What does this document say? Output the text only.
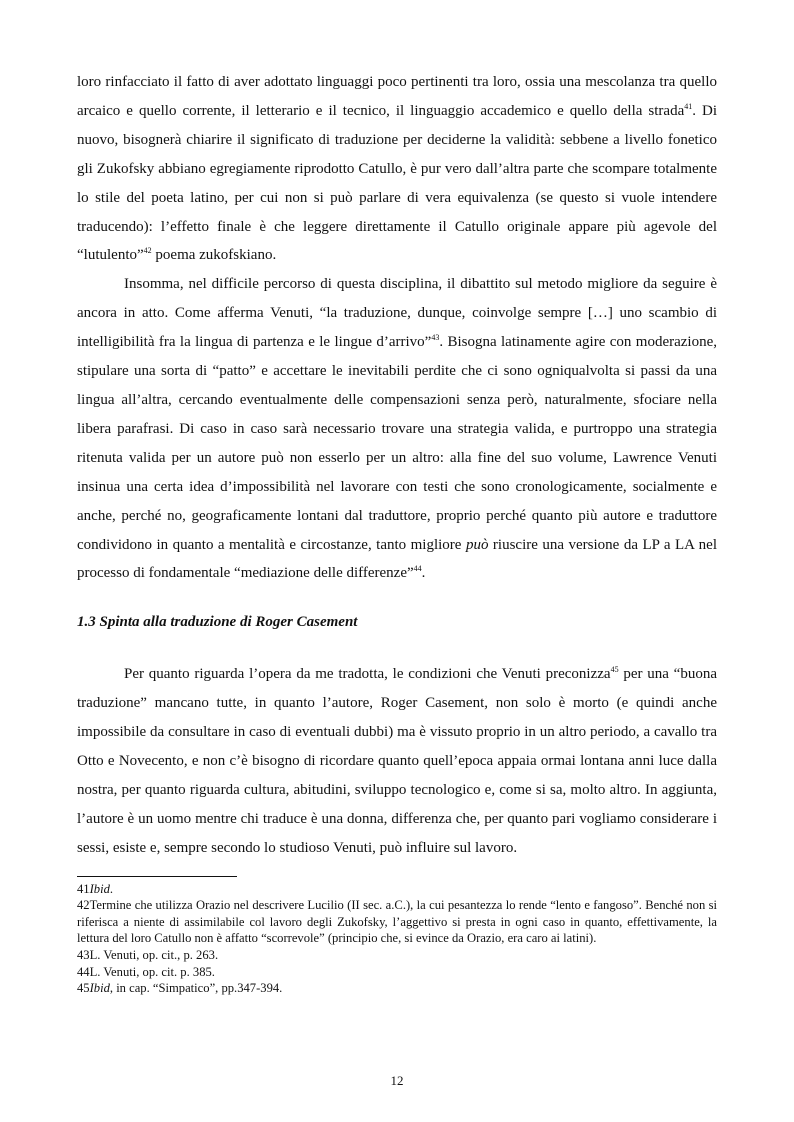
loro rinfacciato il fatto di aver adottato linguaggi poco pertinenti tra loro, ossia una mescolanza tra quello arcaico e quello corrente, il letterario e il tecnico, il linguaggio accademico e quello della strada$^{41}$. Di nuovo, bisognerà chiarire il significato di traduzione per deciderne la validità: sebbene a livello fonetico gli Zukofsky abbiano egregiamente riprodotto Catullo, è pur vero dall’altra parte che scompare totalmente lo stile del poeta latino, per cui non si può parlare di vera equivalenza (se questo si vuole intendere traducendo): l’effetto finale è che leggere direttamente il Catullo originale appare più agevole del “lutulento”$^{42}$ poema zukofskiano.

Insomma, nel difficile percorso di questa disciplina, il dibattito sul metodo migliore da seguire è ancora in atto. Come afferma Venuti, “la traduzione, dunque, coinvolge sempre […] uno scambio di intelligibilità fra la lingua di partenza e le lingue d’arrivo”$^{43}$. Bisogna latinamente agire con moderazione, stipulare una sorta di “patto” e accettare le inevitabili perdite che ci sono ogniqualvolta si passi da una lingua all’altra, cercando eventualmente delle compensazioni senza però, naturalmente, sfociare nella libera parafrasi. Di caso in caso sarà necessario trovare una strategia valida, e purtroppo una strategia ritenuta valida per un autore può non esserlo per un altro: alla fine del suo volume, Lawrence Venuti insinua una certa idea d’impossibilità nel lavorare con testi che sono cronologicamente, socialmente e anche, perché no, geograficamente lontani dal traduttore, proprio perché quanto più autore e traduttore condividono in quanto a mentalità e circostanze, tanto migliore può riuscire una versione da LP a LA nel processo di fondamentale “mediazione delle differenze”$^{44}$.

1.3 Spinta alla traduzione di Roger Casement

Per quanto riguarda l’opera da me tradotta, le condizioni che Venuti preconizza$^{45}$ per una “buona traduzione” mancano tutte, in quanto l’autore, Roger Casement, non solo è morto (e quindi anche impossibile da consultare in caso di eventuali dubbi) ma è vissuto proprio in un altro periodo, a cavallo tra Otto e Novecento, e non c’è bisogno di ricordare quanto quell’epoca appaia ormai lontana anni luce dalla nostra, per quanto riguarda cultura, abitudini, sviluppo tecnologico e, come si sa, molto altro. In aggiunta, l’autore è un uomo mentre chi traduce è una donna, differenza che, per quanto pari vogliamo considerare i sessi, esiste e, sempre secondo lo studioso Venuti, può influire sul lavoro.

41Ibid.

42Termine che utilizza Orazio nel descrivere Lucilio (II sec. a.C.), la cui pesantezza lo rende “lento e fangoso”. Benché non si riferisca a niente di assimilabile col lavoro degli Zukofsky, l’aggettivo si presta in ogni caso in quanto, effettivamente, la lettura del loro Catullo non è affatto “scorrevole” (principio che, si evince da Orazio, era caro ai latini).

43L. Venuti, op. cit., p. 263.

44L. Venuti, op. cit. p. 385.

45Ibid, in cap. “Simpatico”, pp.347-394.

12
